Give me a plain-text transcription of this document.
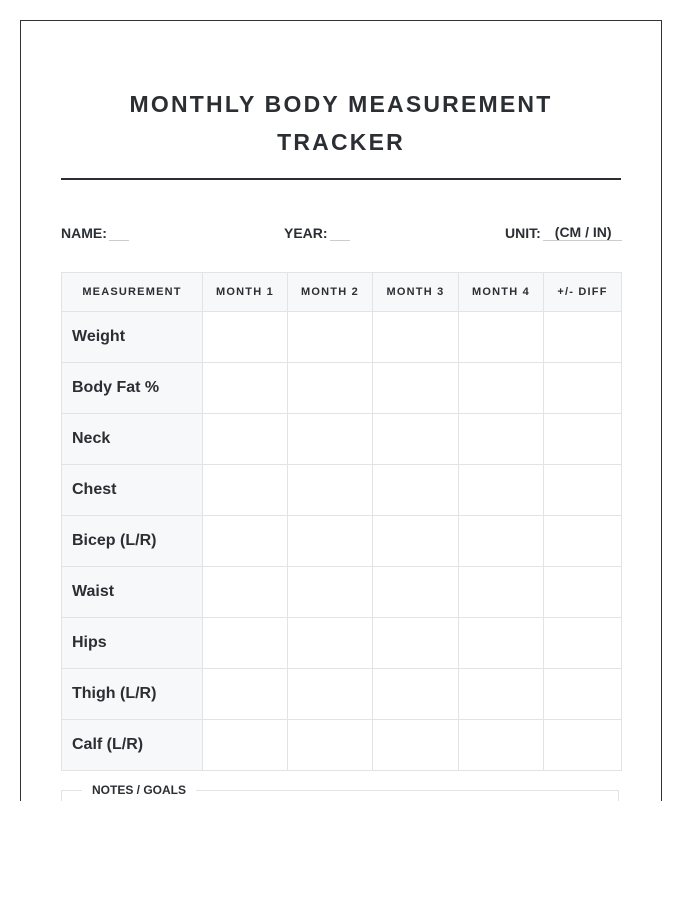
MONTHLY BODY MEASUREMENT
TRACKER
NAME:	YEAR:	UNIT:	(CM / IN)
MEASUREMENT	MONTH 1	MONTH 2	MONTH 3	MONTH 4	+/- DIFF
Weight					
Body Fat %					
Neck					
Chest					
Bicep (L/R)					
Waist					
Hips					
Thigh (L/R)					
Calf (L/R)					
NOTES / GOALS
